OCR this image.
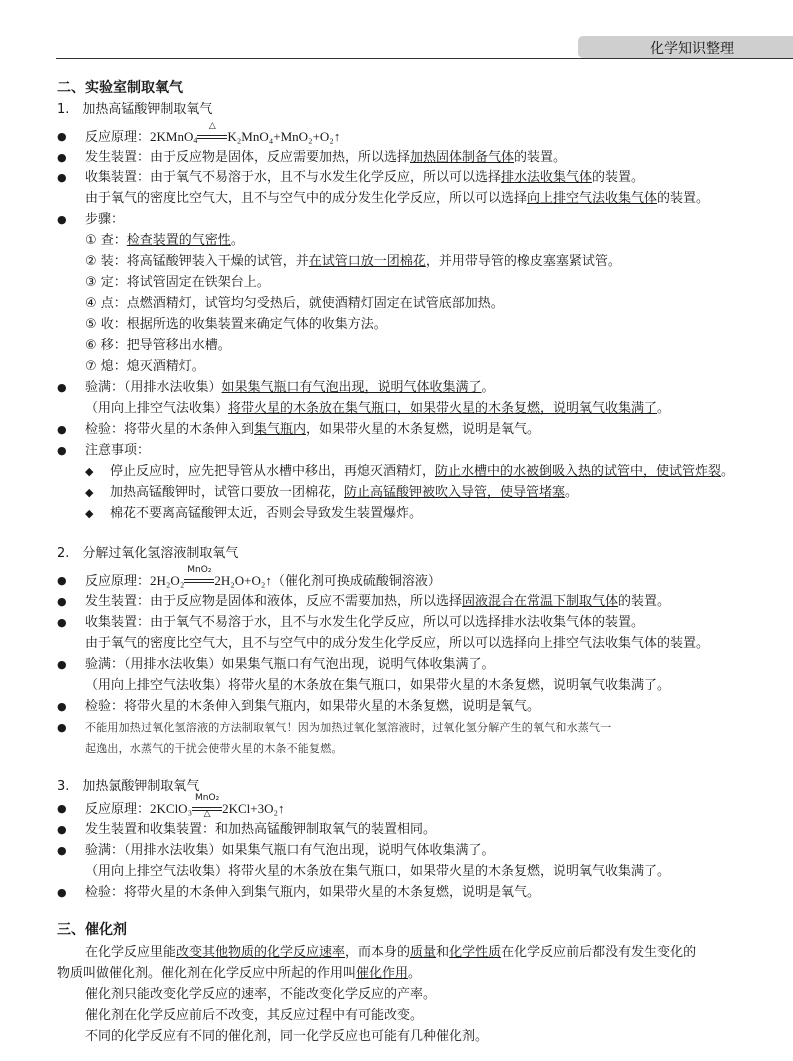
化学知识整理
二、实验室制取氧气
1.　加热高锰酸钾制取氧气
● 反应原理：2KMnO$_4$
△
K₂MnO₄+MnO₂+O₂↑
● 发生装置：由于反应物是固体，反应需要加热，所以选择加热固体制备气体的装置。
● 收集装置：由于氧气不易溶于水，且不与水发生化学反应，所以可以选择排水法收集气体的装置。
由于氧气的密度比空气大，且不与空气中的成分发生化学反应，所以可以选择向上排空气法收集气体的装置。
● 步骤：
① 查：检查装置的气密性。
② 装：将高锰酸钾装入干燥的试管，并在试管口放一团棉花，并用带导管的橡皮塞塞紧试管。
③ 定：将试管固定在铁架台上。
④ 点：点燃酒精灯，试管均匀受热后，就使酒精灯固定在试管底部加热。
⑤ 收：根据所选的收集装置来确定气体的收集方法。
⑥ 移：把导管移出水槽。
⑦ 熄：熄灭酒精灯。
● 验满：（用排水法收集）如果集气瓶口有气泡出现，说明气体收集满了。
（用向上排空气法收集）将带火星的木条放在集气瓶口，如果带火星的木条复燃，说明氧气收集满了。
● 检验：将带火星的木条伸入到集气瓶内，如果带火星的木条复燃，说明是氧气。
● 注意事项：
◆ 停止反应时，应先把导管从水槽中移出，再熄灭酒精灯，防止水槽中的水被倒吸入热的试管中，使试管炸裂。
◆ 加热高锰酸钾时，试管口要放一团棉花，防止高锰酸钾被吹入导管，使导管堵塞。
◆ 棉花不要离高锰酸钾太近，否则会导致发生装置爆炸。
2.　分解过氧化氢溶液制取氧气
● 反应原理：2H₂O₂
MnO₂
2H₂O+O₂↑（催化剂可换成硫酸铜溶液）
● 发生装置：由于反应物是固体和液体，反应不需要加热，所以选择固液混合在常温下制取气体的装置。
● 收集装置：由于氧气不易溶于水，且不与水发生化学反应，所以可以选择排水法收集气体的装置。
由于氧气的密度比空气大，且不与空气中的成分发生化学反应，所以可以选择向上排空气法收集气体的装置。
● 验满：（用排水法收集）如果集气瓶口有气泡出现，说明气体收集满了。
（用向上排空气法收集）将带火星的木条放在集气瓶口，如果带火星的木条复燃，说明氧气收集满了。
● 检验：将带火星的木条伸入到集气瓶内，如果带火星的木条复燃，说明是氧气。
● 不能用加热过氧化氢溶液的方法制取氧气！因为加热过氧化氢溶液时，过氧化氢分解产生的氧气和水蒸气一
起逸出，水蒸气的干扰会使带火星的木条不能复燃。
3.　加热氯酸钾制取氧气
● 反应原理：2KClO₃
MnO₂
△ 2KCl+3O₂↑
● 发生装置和收集装置：和加热高锰酸钾制取氧气的装置相同。
● 验满：（用排水法收集）如果集气瓶口有气泡出现，说明气体收集满了。
（用向上排空气法收集）将带火星的木条放在集气瓶口，如果带火星的木条复燃，说明氧气收集满了。
● 检验：将带火星的木条伸入到集气瓶内，如果带火星的木条复燃，说明是氧气。
三、催化剂
在化学反应里能改变其他物质的化学反应速率，而本身的质量和化学性质在化学反应前后都没有发生变化的
物质叫做催化剂。催化剂在化学反应中所起的作用叫催化作用。
催化剂只能改变化学反应的速率，不能改变化学反应的产率。
催化剂在化学反应前后不改变，其反应过程中有可能改变。
不同的化学反应有不同的催化剂，同一化学反应也可能有几种催化剂。
